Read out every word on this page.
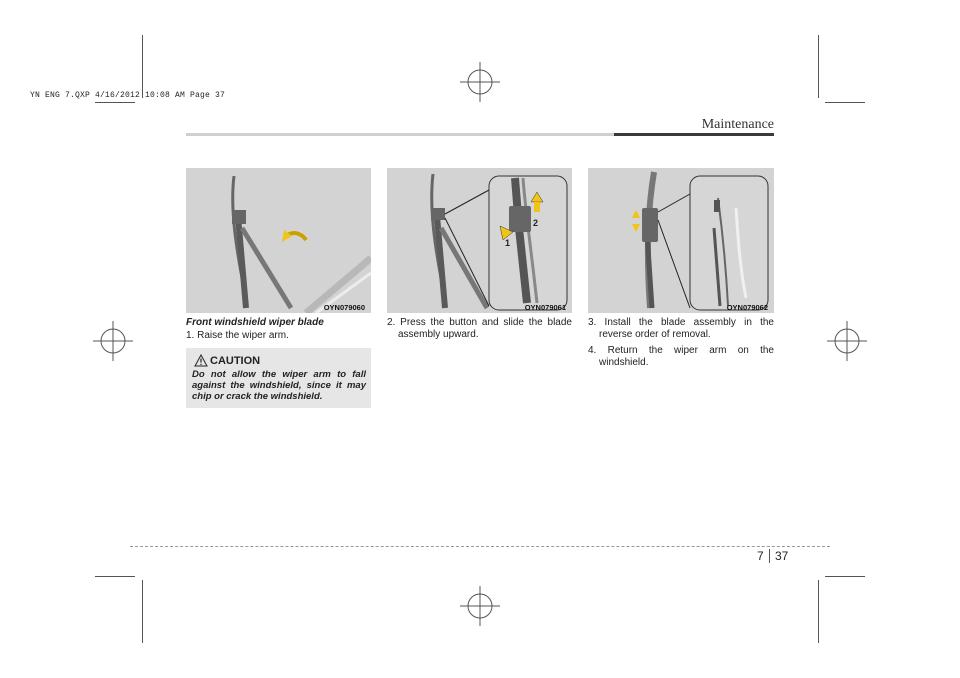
YN ENG 7.QXP 4/16/2012 10:08 AM Page 37
Maintenance
OYN079060
1
2
OYN079061	OYN079062
Front windshield wiper blade

1. Raise the wiper arm.

CAUTION
Do not allow the wiper arm to fall against the windshield, since it may chip or crack the windshield.

2. Press the button and slide the blade assembly upward.

3. Install the blade assembly in the reverse order of removal.

4. Return the wiper arm on the windshield.

7 37
